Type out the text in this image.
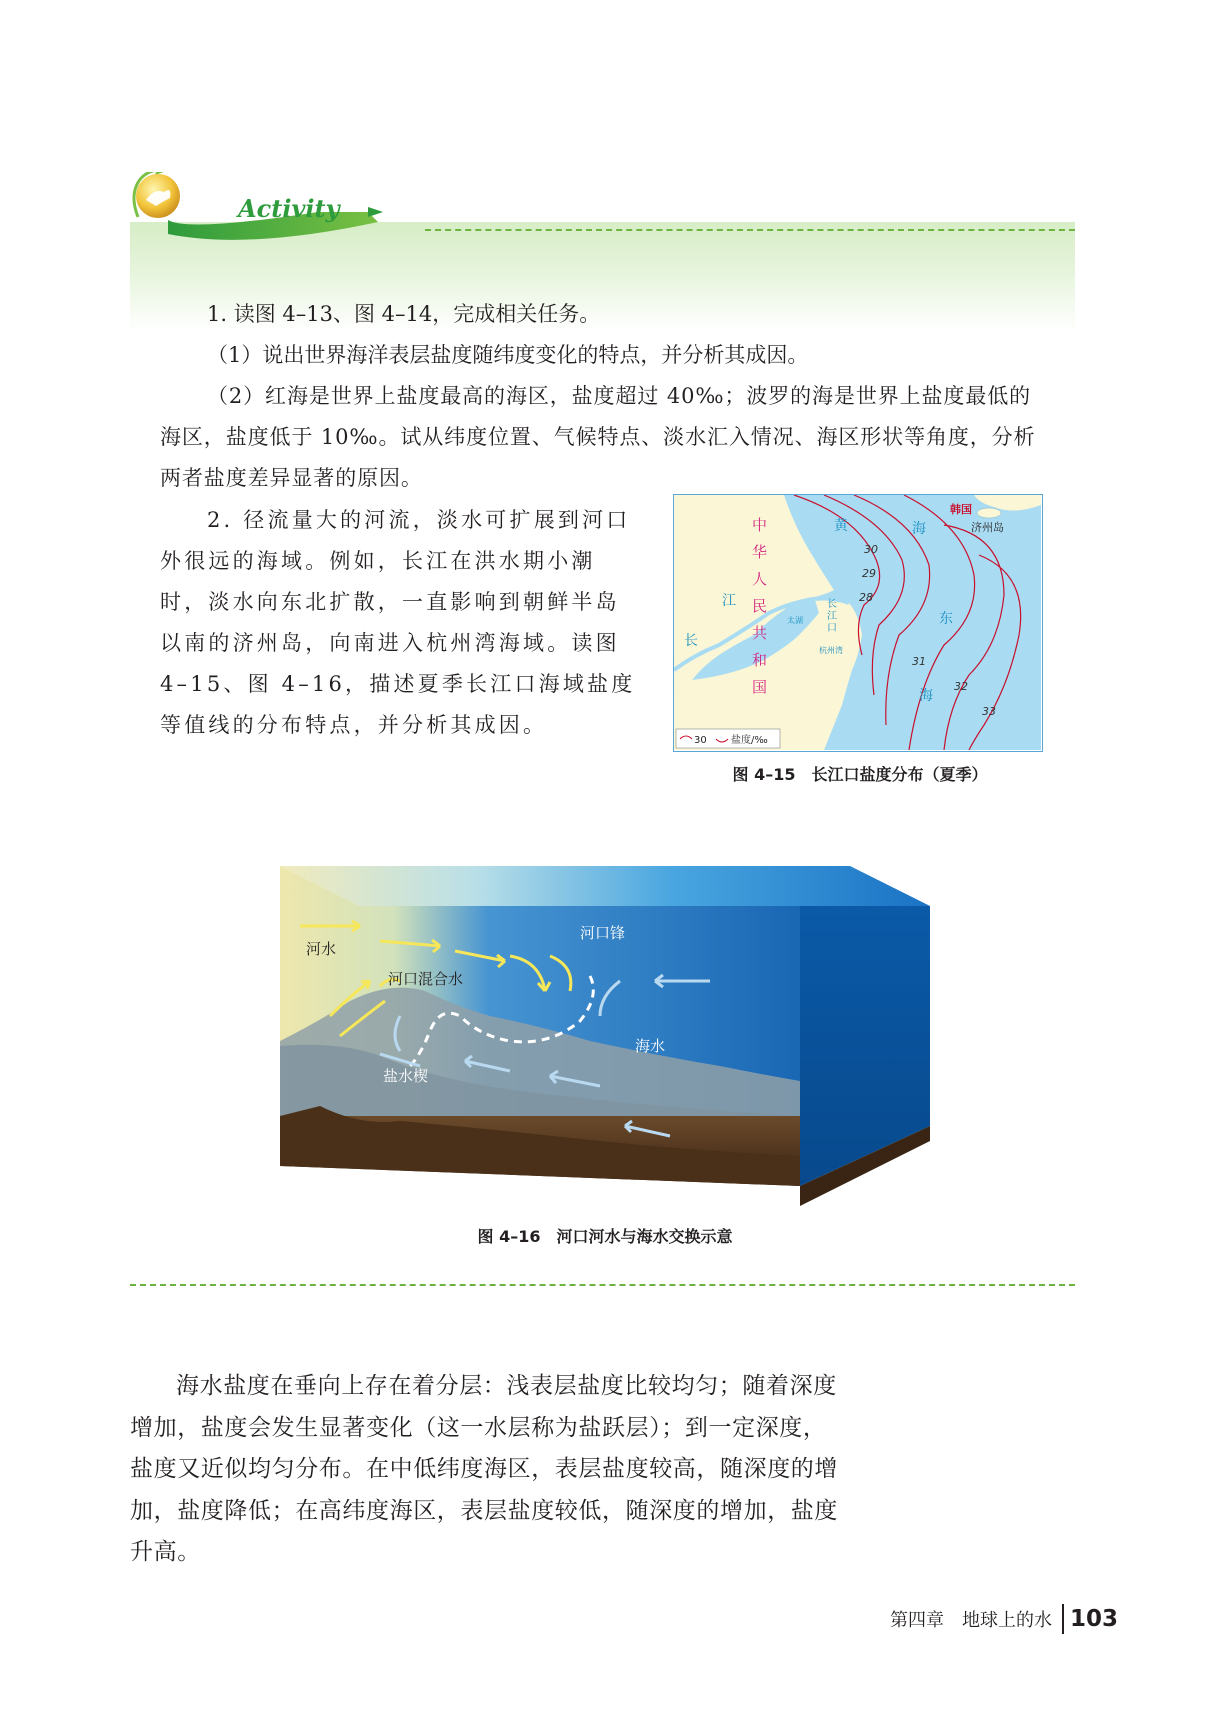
活动 Activity

1. 读图 4–13、图 4–14，完成相关任务。

（1）说出世界海洋表层盐度随纬度变化的特点，并分析其成因。

（2）红海是世界上盐度最高的海区，盐度超过 40‰；波罗的海是世界上盐度最低的海区，盐度低于 10‰。试从纬度位置、气候特点、淡水汇入情况、海区形状等角度，分析两者盐度差异显著的原因。

2. 径流量大的河流，淡水可扩展到河口外很远的海域。例如，长江在洪水期小潮时，淡水向东北扩散，一直影响到朝鲜半岛以南的济州岛，向南进入杭州湾海域。读图 4–15、图 4–16，描述夏季长江口海域盐度等值线的分布特点，并分析其成因。

30
29
28
31
32
33
中
华
人
民
共
和
国
江
长
黄	海
东
海
长
江
口
太湖
杭州湾
韩国
济州岛
30 盐度/‰
图 4–15　长江口盐度分布（夏季）
河水
河口锋
河口混合水
海水
盐水楔
图 4–16　河口河水与海水交换示意

海水盐度在垂向上存在着分层：浅表层盐度比较均匀；随着深度增加，盐度会发生显著变化（这一水层称为盐跃层）；到一定深度，盐度又近似均匀分布。在中低纬度海区，表层盐度较高，随深度的增加，盐度降低；在高纬度海区，表层盐度较低，随深度的增加，盐度升高。

第四章　地球上的水 103
